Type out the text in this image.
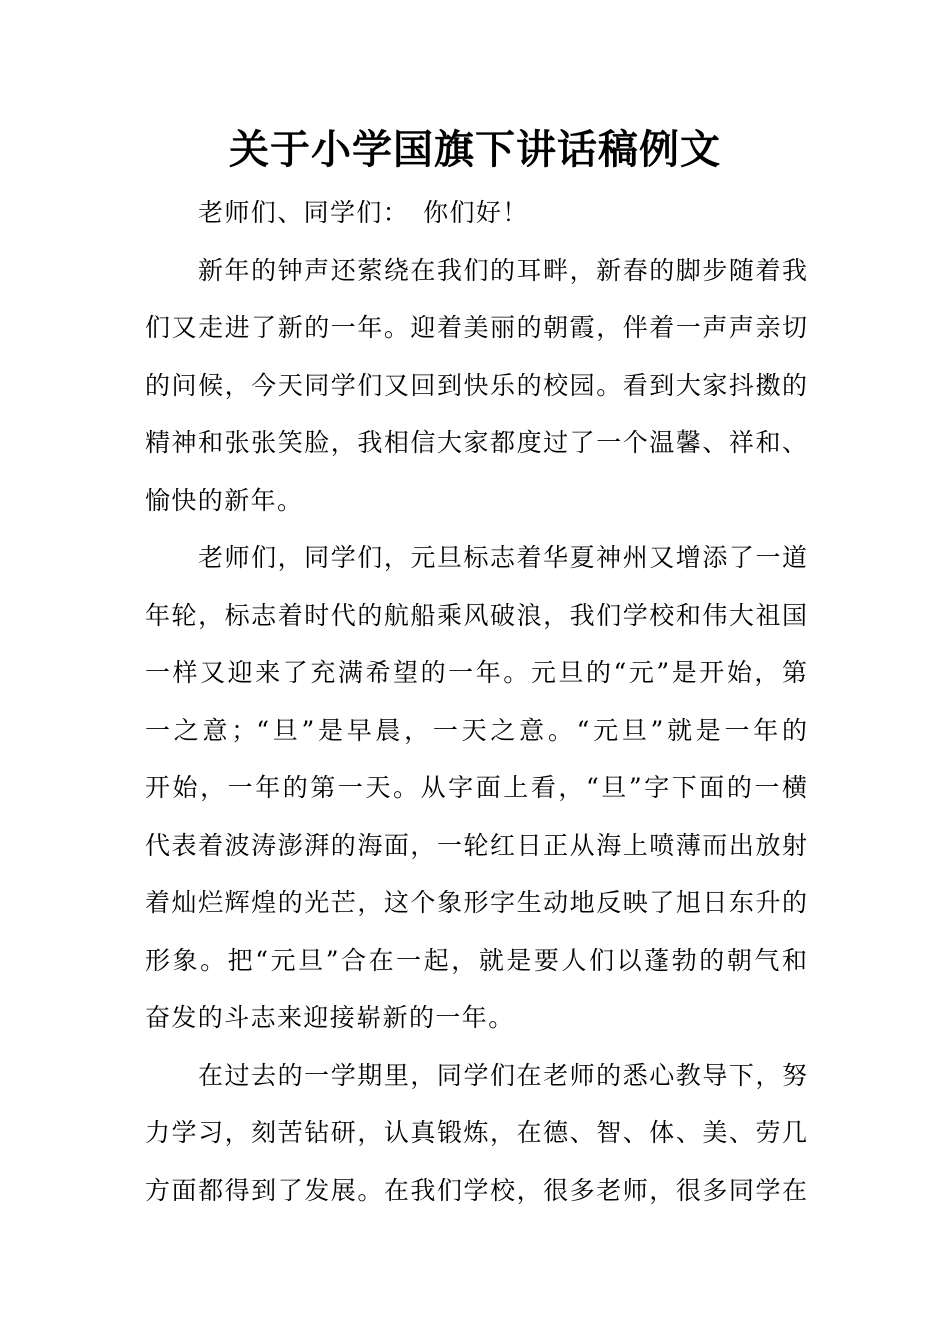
关于小学国旗下讲话稿例文
老师们、同学们：　你们好！
新年的钟声还萦绕在我们的耳畔，新春的脚步随着我
们又走进了新的一年。迎着美丽的朝霞，伴着一声声亲切
的问候，今天同学们又回到快乐的校园。看到大家抖擞的
精神和张张笑脸，我相信大家都度过了一个温馨、祥和、
愉快的新年。
老师们，同学们，元旦标志着华夏神州又增添了一道
年轮，标志着时代的航船乘风破浪，我们学校和伟大祖国
一样又迎来了充满希望的一年。元旦的“元”是开始，第
一之意；“旦”是早晨，一天之意。“元旦”就是一年的
开始，一年的第一天。从字面上看，“旦”字下面的一横
代表着波涛澎湃的海面，一轮红日正从海上喷薄而出放射
着灿烂辉煌的光芒，这个象形字生动地反映了旭日东升的
形象。把“元旦”合在一起，就是要人们以蓬勃的朝气和
奋发的斗志来迎接崭新的一年。
在过去的一学期里，同学们在老师的悉心教导下，努
力学习，刻苦钻研，认真锻炼，在德、智、体、美、劳几
方面都得到了发展。在我们学校，很多老师，很多同学在
